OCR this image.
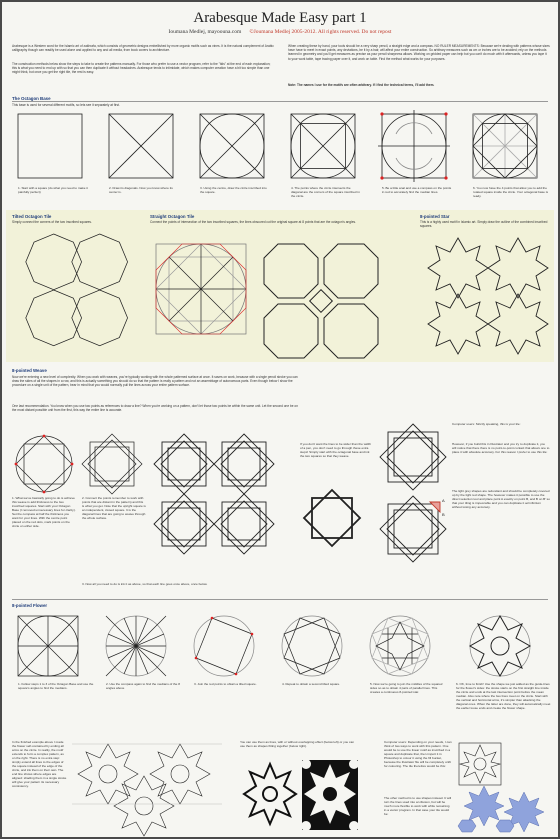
Arabesque Made Easy part 1
Ioumana Medlej, mayoouna.com ©Joumana Medlej 2005-2012. All rights reserved. Do not repost
Arabesque is a Western word for the Islamic art of zakhrafa, which consists of geometric designs embellished by more organic motifs such as vines. It is the natural complement of Arabic calligraphy though can readily be used alone and applied to any and all media, from book covers to architecture.
The construction methods below show the steps to take to create the patterns manually. For those who prefer to use a vector program, refer to the "tids" at the end of each explanation; this is what you need to end up with so that you can then duplicate it without headaches. Arabesque tends to intimidate, which makes computer creation have a bit too simple than one might think, but once you get the right tile, the rest is easy.
When creating these by hand, your tools should be a very sharp pencil, a straight edge and a compass. NO RULER MEASUREMENTS: Because we're dealing with patterns whose sizes have have to meet in exact points, any deviations, be it by a hair, will affect your entire construction. So arbitrary measures such as cm or inches are to be avoided; rely on the methods learned in geometry and you'll get measures as precise as your pencil sharpness allows. Working on gridded paper can help but you can't do much with it afterwards, unless you tape it to your work table, tape tracing paper over it, and work on table. Find the method what works for your purposes.
Note: The names I use for the motifs are often arbitrary. If I find the technical terms, I'll add them.
The Octagon Base
This base is used for several different motifs, so lets see it separately at first.
1. Start with a square (do what you need to make it painfully perfect)
2. Draw its diagonals. Now you know where its center is.
3. Using the centre, draw the circle inscribed into the square.
4. The points where the circle intersects the diagonal are the corners of the square inscribed in the circle.
5. Be a little anal and use a compass on the points in red to accurately find the median lines.
6. You now have the 4 points that allow you to add the rotated square inside the circle. Your octagonal base is ready.
Tilted Octagon Tile
Simply connect the corners of the two inscribed squares.
Straight Octagon Tile
Connect the points of intersection of the two inscribed squares, the lines obscured cut the original square at 8 points that are the octagon's angles.
8-pointed Star
This is a highly used motif in Islamic art. Simply draw the outline of the combined inscribed squares.
8-pointed Weave
Now we're entering a new level of complexity. When you work with weaves, you're typically working with the whole patterned surface at once. It saves on work, because with a single pencil stroke you can draw the sides of all the shapes in a row, and this is actually something you should do so that the pattern is really a pattern and not an assemblage of autonomous parts. Even though below I show the procedure on a single unit of the pattern, bear in mind that you would normally pull the lines across your entire pattern surface.
One last recommendation. You know when you use two points as references to draw a line? When you're working on a pattern, don't let those two points be within the same unit. Let the second one be on the most distant possible unit from the first, this way the entire line is accurate.
1. What we've basically going to do is achieve this weave is add thickness to the two inscribed squares. Start with your Octagon Base (I removed unnecessary lines for clarity). Set the compass at half the thickness you want for your lines. With the centre point placed on the red dots, mark points on the circle on either side.
2. Connect the points remember to work with points that are distant in the pattern) and this is what you get. Note that the upright square is an independent, closed square. It is the diagonal lines that are going to weave through the whole surface.
3. Now all you need to do is ink it as above, so that each line goes once above, once below.
If you don't want the lines to be wider than the width of a pen, you don't need to go through these extra steps! Simply start with the octagonal base and ink the two squares so that they weave.
A
B
Computer users: Strictly speaking, this is your tile:
However, if you build this in Illustrator and you try to duplicate it, you will notice that there there is no point-to-point contact that allows one to place it with absolute accuracy. For this reason I prefer to use this tile:
The light grey shapes are redundant and should be completely covered up by the light red shape. The however makes it possible to use the direct selection tool and place point A exactly on point B, and B on B' so that your tiling is impeccable and you can duplicate it ad infinitum without losing any accuracy.
8-pointed Flower
1. Follow steps 1 to 3 of the Octagon Base and use the square's angles to find the medians.
2. Use the compass again to find the medians of the 8 angles above
3. Join the red points to obtain a tilted square.	4. Repeat to obtain a second tilted square.	5. Now we're going to join the middles of the squares' sides so as to obtain 4 pairs of parallel lines. This creates a continuous 8-pointed star.
6. OK, time to finish! Use the shape we just added as the guide-lines for the flower's sides: the stroke starts on the first straight line inside the circle and ends at the last intersection point before the mean median. Also note where the two lines meet on the circle. Start with the vertical and horizontal arms, it's simpler than attacking the diagonal ones. When the latter are done, they will automatically meet the earlier loose ends and create the flower shape.
In the finished example above I made the flower self-contained by ending all arms on the circle. In reality, the motif extends to form a complex pattern, as on the right. There is no extra step: simply extend all lines to the edges of the square instead of the edge of the circle, and ink them on their own. The end line shows where edges are aligned: shading them in a single stroke will give your pattern its necessary consistency.
You can use them as lines, with or without overlapping effect (below left) or you can use them as shapes fitting together (below right).
Computer users: Depending on your needs, I can think of two ways to work with this pattern. One would be to use the linear motif as inscribed in a square and duplicate that, then import it in Photoshop to colour it using the fill bucket, because the illustrator file will be completely unfit for colouring. The tile therefore would be this:
The other method is to use shapes instead. It will turn the lines used into an illusion, but will be much more flexible to work with while remaining in a vector program. In that case your tile would be:
